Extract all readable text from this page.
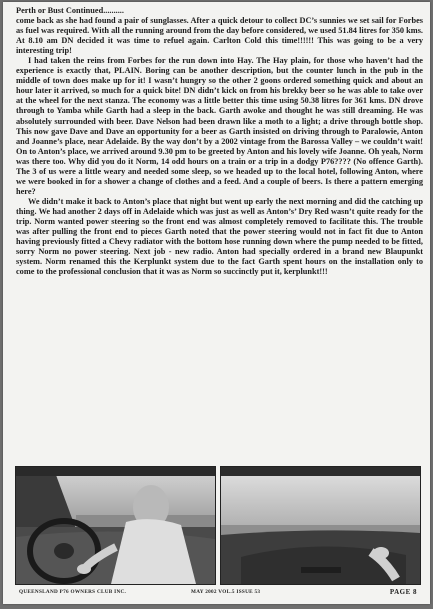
Perth or Bust Continued..........

come back as she had found a pair of sunglasses. After a quick detour to collect DC’s sunnies we set sail for Forbes as fuel was required. With all the running around from the day before considered, we used 51.84 litres for 350 kms. At 8.10 am DN decided it was time to refuel again. Carlton Cold this time!!!!!! This was going to be a very interesting trip!

I had taken the reins from Forbes for the run down into Hay. The Hay plain, for those who haven’t had the experience is exactly that, PLAIN. Boring can be another description, but the counter lunch in the pub in the middle of town does make up for it! I wasn’t hungry so the other 2 goons ordered something quick and about an hour later it arrived, so much for a quick bite! DN didn’t kick on from his brekky beer so he was able to take over at the wheel for the next stanza. The economy was a little better this time using 50.38 litres for 361 kms. DN drove through to Yamba while Garth had a sleep in the back. Garth awoke and thought he was still dreaming. He was absolutely surrounded with beer. Dave Nelson had been drawn like a moth to a light; a drive through bottle shop. This now gave Dave and Dave an opportunity for a beer as Garth insisted on driving through to Paralowie, Anton and Joanne’s place, near Adelaide. By the way don’t by a 2002 vintage from the Barossa Valley – we couldn’t wait! On to Anton’s place, we arrived around 9.30 pm to be greeted by Anton and his lovely wife Joanne. Oh yeah, Norm was there too. Why did you do it Norm, 14 odd hours on a train or a trip in a dodgy P76???? (No offence Garth). The 3 of us were a little weary and needed some sleep, so we headed up to the local hotel, following Anton, where we were booked in for a shower a change of clothes and a feed. And a couple of beers. Is there a pattern emerging here?

We didn’t make it back to Anton’s place that night but went up early the next morning and did the catching up thing. We had another 2 days off in Adelaide which was just as well as Anton’s’ Dry Red wasn’t quite ready for the trip. Norm wanted power steering so the front end was almost completely removed to facilitate this. The trouble was after pulling the front end to pieces Garth noted that the power steering would not in fact fit due to Anton having previously fitted a Chevy radiator with the bottom hose running down where the pump needed to be fitted, sorry Norm no power steering. Next job - new radio. Anton had specially ordered in a brand new Blaupunkt system. Norm renamed this the Kerplunkt system due to the fact Garth spent hours on the installation only to come to the professional conclusion that it was as Norm so succinctly put it, kerplunkt!!!

QUEENSLAND P76 OWNERS CLUB INC.	MAY 2002 VOL.5 ISSUE 53	PAGE 8
